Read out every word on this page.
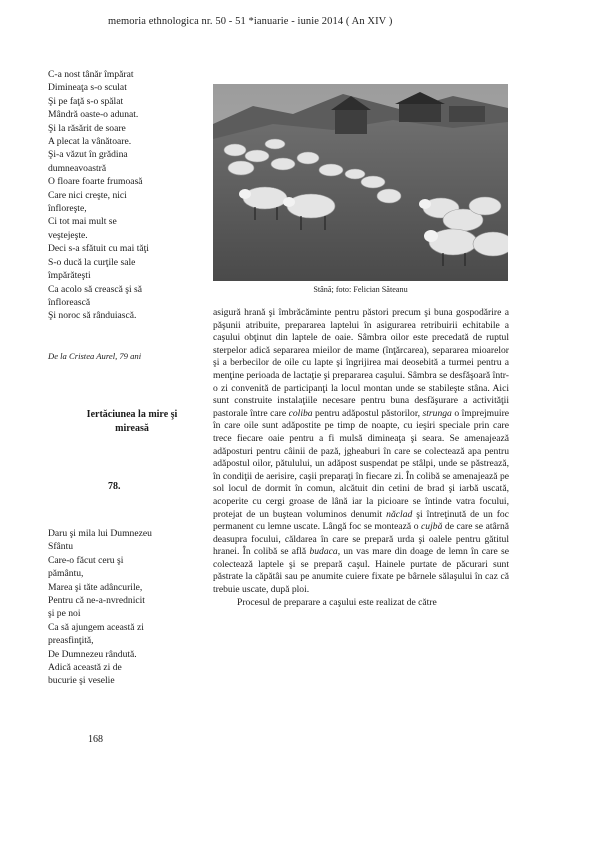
memoria ethnologica nr. 50 - 51 *ianuarie - iunie 2014 ( An XIV )
C-a nost tânăr împărat
Dimineaţa s-o sculat
Şi pe faţă s-o spălat
Mândră oaste-o adunat.
Şi la răsărit de soare
A plecat la vânătoare.
Şi-a văzut în grădina
dumneavoastră
O floare foarte frumoasă
Care nici creşte, nici
înfloreşte,
Ci tot mai mult se
veştejeşte.
Deci s-a sfătuit cu mai tăţi
S-o ducă la curţile sale
împărăteşti
Ca acolo să crească şi să
înflorească
Şi noroc să rânduiască.
De la Cristea Aurel, 79 ani
Iertăciunea la mire şi mireasă
78.
Daru şi mila lui Dumnezeu
Sfântu
Care-o făcut ceru şi
pământu,
Marea şi tăte adâncurile,
Pentru că ne-a-nvrednicit
şi pe noi
Ca să ajungem această zi
preasfinţită,
De Dumnezeu rândută.
Adică această zi de
bucurie şi veselie
Stână; foto: Felician Săteanu

asigură hrană şi îmbrăcăminte pentru păstori precum şi buna gospodărire a păşunii atribuite, prepararea laptelui în asigurarea retribuirii echitabile a caşului obţinut din laptele de oaie. Sâmbra oilor este precedată de ruptul sterpelor adică separarea mieilor de mame (înţărcarea), separarea mioarelor şi a berbecilor de oile cu lapte şi îngrijirea mai deosebită a turmei pentru a menţine perioada de lactaţie şi prepararea caşului. Sâmbra se desfăşoară într-o zi convenită de participanţi la locul montan unde se stabileşte stâna. Aici sunt construite instalaţiile necesare pentru buna desfăşurare a activităţii pastorale între care coliba pentru adăpostul păstorilor, strunga o împrejmuire în care oile sunt adăpostite pe timp de noapte, cu ieşiri speciale prin care trece fiecare oaie pentru a fi mulsă dimineaţa şi seara. Se amenajează adăposturi pentru câinii de pază, jgheaburi în care se colectează apa pentru adăpostul oilor, pătulului, un adăpost suspendat pe stâlpi, unde se păstrează, în condiţii de aerisire, caşii preparaţi în fiecare zi. În colibă se amenajează pe sol locul de dormit în comun, alcătuit din cetini de brad şi iarbă uscată, acoperite cu cergi groase de lână iar la picioare se întinde vatra focului, protejat de un buştean voluminos denumit năclad şi întreţinută de un foc permanent cu lemne uscate. Lângă foc se montează o cujbă de care se atârnă deasupra focului, căldarea în care se prepară urda şi oalele pentru gătitul hranei. În colibă se află budaca, un vas mare din doage de lemn în care se colectează laptele şi se prepară caşul. Hainele purtate de păcurari sunt păstrate la căpătâi sau pe anumite cuiere fixate pe bârnele sălaşului în caz că trebuie uscate, după ploi.

Procesul de preparare a caşului este realizat de către

168
